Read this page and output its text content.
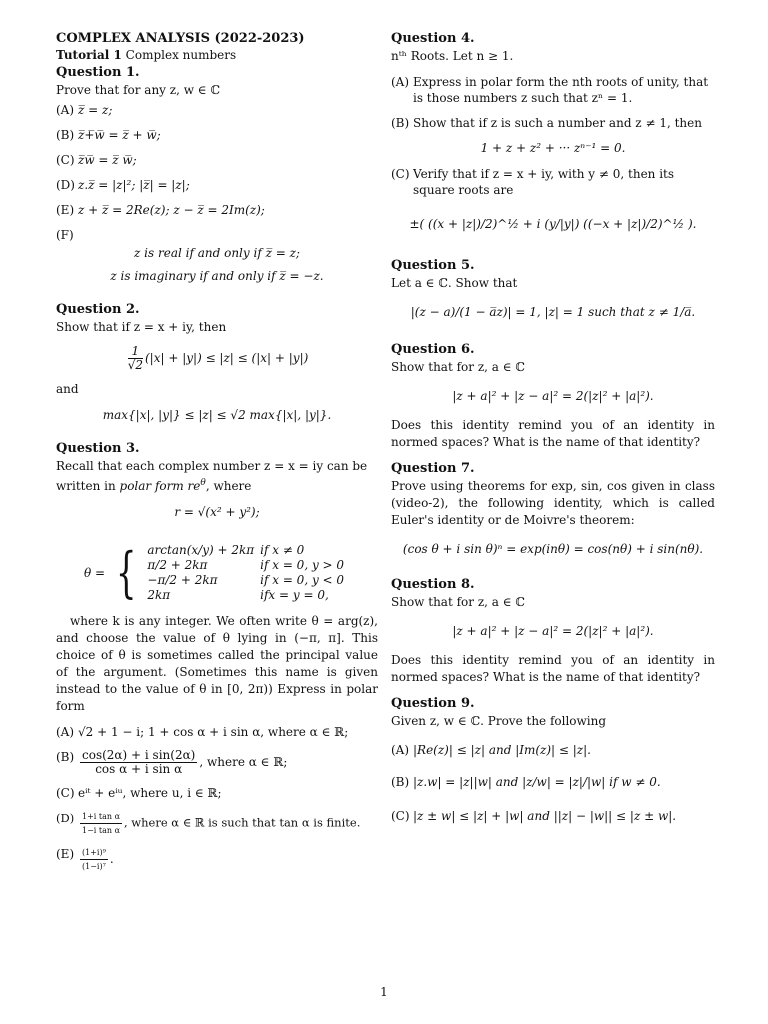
COMPLEX ANALYSIS (2022-2023)
Tutorial 1 Complex numbers
Question 1.
Prove that for any z, w ∈ ℂ
(A) z̅̅ = z;
(B) z̅+̅w̅ = z̅ + w̅;
(C) z̅w̅ = z̅ w̅;
(D) z.z̅ = |z|²; |z̅| = |z|;
(E) z + z̅ = 2Re(z); z − z̅ = 2Im(z);
(F)
z is real if and only if z̅ = z;
z is imaginary if and only if z̅ = −z.
Question 2.
Show that if z = x + iy, then
$\frac{1}{√2} (|x| + |y|) \le |z| \le (|x| + |y|)$
and
max{|x|, |y|} ≤ |z| ≤ √2 max{|x|, |y|}.
Question 3.
Recall that each complex number z = x = iy can be
written in polar form $re^\theta$, where
r = √(x² + y²);
θ = { arctan(x/y) + 2kπ	if x ≠ 0
π/2 + 2kπ	if x = 0, y > 0
−π/2 + 2kπ	if x = 0, y < 0
2kπ	ifx = y = 0,
where k is any integer. We often write θ = arg(z), and choose the value of θ lying in (−π, π]. This choice of θ is sometimes called the principal value of the argument. (Sometimes this name is given instead to the value of θ in [0, 2π)) Express in polar form
(A) √2 + 1 − i; 1 + cos α + i sin α, where α ∈ ℝ;
$(B) \frac{\text{cos(2α) + i sin(2α)}}{\text{cos α + i sin α}}$ , where α ∈ ℝ;
(C) eⁱᵗ + eⁱᵘ, where u, i ∈ ℝ;
$(D) \frac{\text{1+i tan α}}{\text{1−i tan α}}$ , where α ∈ ℝ is such that tan α is finite.
$(E) \frac{\text{(1+i)⁹}}{\text{(1−i)⁷}}$ .
Question 4.
nᵗʰ Roots. Let n ≥ 1.
(A) Express in polar form the nth roots of unity, that is those numbers z such that zⁿ = 1.
(B) Show that if z is such a number and z ≠ 1, then
1 + z + z² + ··· zⁿ⁻¹ = 0.
(C) Verify that if z = x + iy, with y ≠ 0, then its square roots are
±( ((x + |z|)/2)^½ + i (y/|y|) ((−x + |z|)/2)^½ ).
Question 5.
Let a ∈ ℂ. Show that
|(z − a)/(1 − a̅z)| = 1, |z| = 1 such that z ≠ 1/a̅.
Question 6.
Show that for z, a ∈ ℂ
|z + a|² + |z − a|² = 2(|z|² + |a|²).
Does this identity remind you of an identity in normed spaces? What is the name of that identity?
Question 7.
Prove using theorems for exp, sin, cos given in class (video-2), the following identity, which is called Euler's identity or de Moivre's theorem:
(cos θ + i sin θ)ⁿ = exp(inθ) = cos(nθ) + i sin(nθ).
Question 8.
Show that for z, a ∈ ℂ
|z + a|² + |z − a|² = 2(|z|² + |a|²).
Does this identity remind you of an identity in normed spaces? What is the name of that identity?
Question 9.
Given z, w ∈ ℂ. Prove the following
(A) |Re(z)| ≤ |z| and |Im(z)| ≤ |z|.
(B) |z.w| = |z||w| and |z/w| = |z|/|w| if w ≠ 0.
(C) |z ± w| ≤ |z| + |w| and ||z| − |w|| ≤ |z ± w|.
1
